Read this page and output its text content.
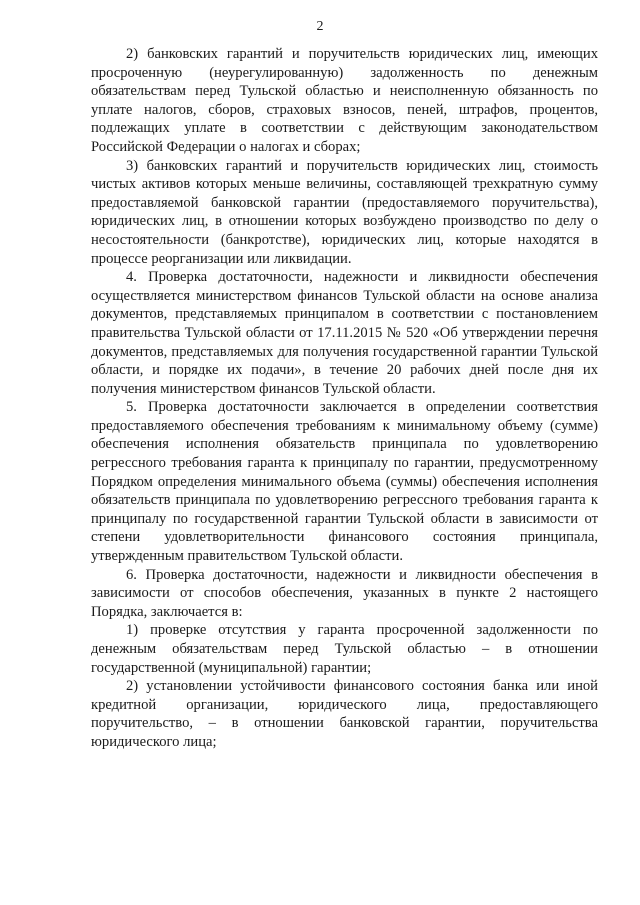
2

2) банковских гарантий и поручительств юридических лиц, имеющих просроченную (неурегулированную) задолженность по денежным обязательствам перед Тульской областью и неисполненную обязанность по уплате налогов, сборов, страховых взносов, пеней, штрафов, процентов, подлежащих уплате в соответствии с действующим законодательством Российской Федерации о налогах и сборах;

3) банковских гарантий и поручительств юридических лиц, стоимость чистых активов которых меньше величины, составляющей трехкратную сумму предоставляемой банковской гарантии (предоставляемого поручительства), юридических лиц, в отношении которых возбуждено производство по делу о несостоятельности (банкротстве), юридических лиц, которые находятся в процессе реорганизации или ликвидации.

4. Проверка достаточности, надежности и ликвидности обеспечения осуществляется министерством финансов Тульской области на основе анализа документов, представляемых принципалом в соответствии с постановлением правительства Тульской области от 17.11.2015 № 520 «Об утверждении перечня документов, представляемых для получения государственной гарантии Тульской области, и порядке их подачи», в течение 20 рабочих дней после дня их получения министерством финансов Тульской области.

5. Проверка достаточности заключается в определении соответствия предоставляемого обеспечения требованиям к минимальному объему (сумме) обеспечения исполнения обязательств принципала по удовлетворению регрессного требования гаранта к принципалу по гарантии, предусмотренному Порядком определения минимального объема (суммы) обеспечения исполнения обязательств принципала по удовлетворению регрессного требования гаранта к принципалу по государственной гарантии Тульской области в зависимости от степени удовлетворительности финансового состояния принципала, утвержденным правительством Тульской области.

6. Проверка достаточности, надежности и ликвидности обеспечения в зависимости от способов обеспечения, указанных в пункте 2 настоящего Порядка, заключается в:

1) проверке отсутствия у гаранта просроченной задолженности по денежным обязательствам перед Тульской областью – в отношении государственной (муниципальной) гарантии;

2) установлении устойчивости финансового состояния банка или иной кредитной организации, юридического лица, предоставляющего поручительство, – в отношении банковской гарантии, поручительства юридического лица;
